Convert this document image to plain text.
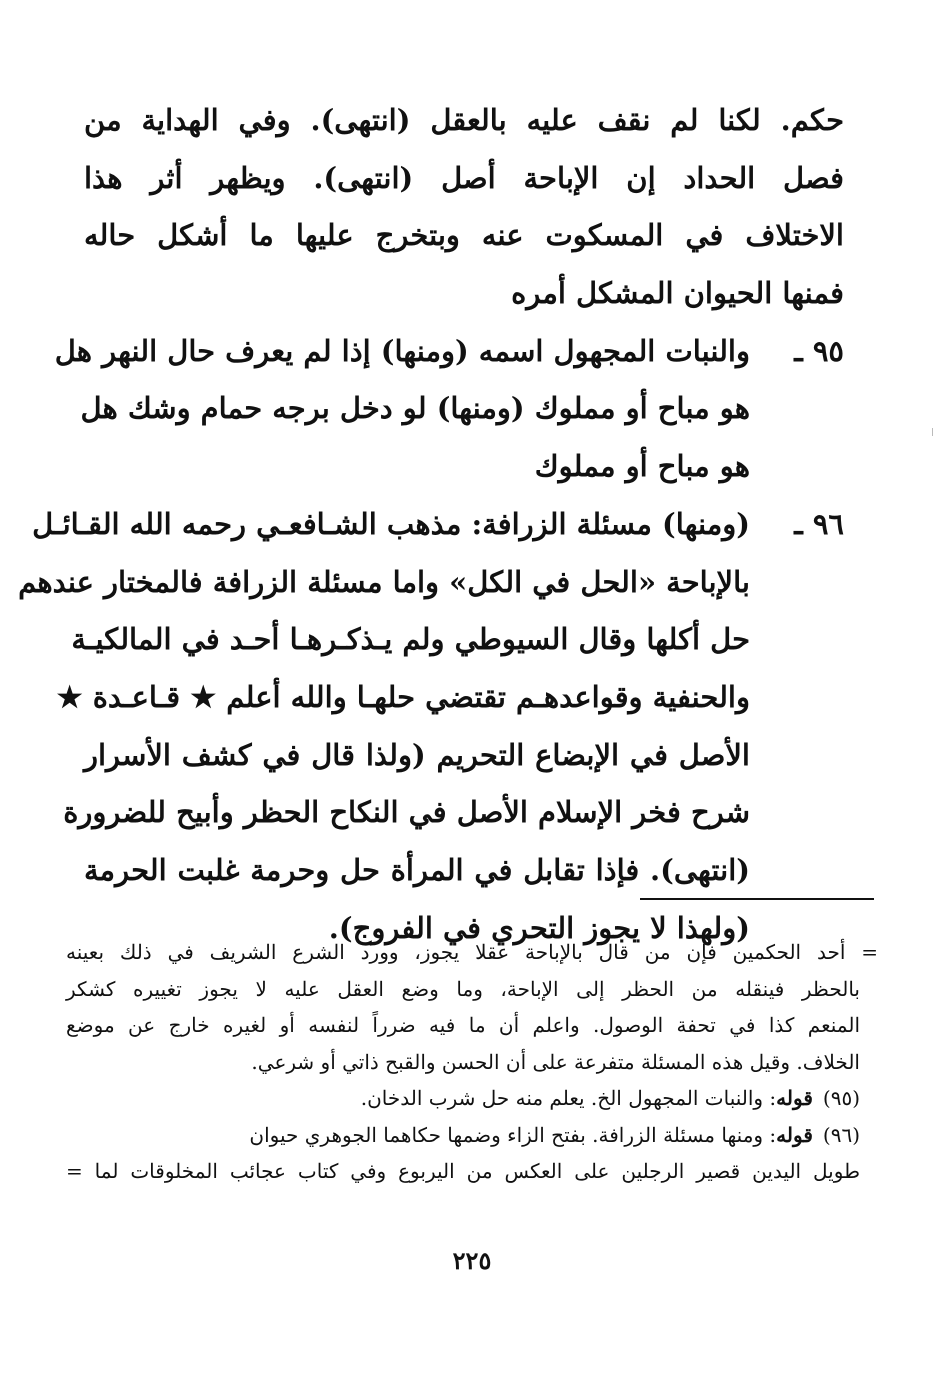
حكم. لكنا لم نقف عليه بالعقل (انتهى). وفي الهداية من
فصل الحداد إن الإباحة أصل (انتهى). ويظهر أثر هذا
الاختلاف في المسكوت عنه وبتخرج عليها ما أشكل حاله
فمنها الحيوان المشكل أمره
٩٥ ـ
والنبات المجهول اسمه (ومنها) إذا لم يعرف حال النهر هل
هو مباح أو مملوك (ومنها) لو دخل برجه حمام وشك هل
هو مباح أو مملوك
٩٦ ـ
(ومنها) مسئلة الزرافة: مذهب الشـافعـي رحمه الله القـائـل
بالإباحة «الحل في الكل» واما مسئلة الزرافة فالمختار عندهم
حل أكلها وقال السيوطي ولم يـذكـرهـا أحـد في المالكيـة
والحنفية وقواعدهـم تقتضي حلهـا والله أعلم ★ قـاعـدة ★
الأصل في الإبضاع التحريم (ولذا قال في كشف الأسرار
شرح فخر الإسلام الأصل في النكاح الحظر وأبيح للضرورة
(انتهى). فإذا تقابل في المرأة حل وحرمة غلبت الحرمة
(ولهذا لا يجوز التحري في الفروج).
= أحد الحكمين فإن من قال بالإباحة عقلا يجوز، وورد الشرع الشريف في ذلك بعينه
بالحظر فينقله من الحظر إلى الإباحة، وما وضع العقل عليه لا يجوز تغييره كشكر
المنعم كذا في تحفة الوصول. واعلم أن ما فيه ضرراً لنفسه أو لغيره خارج عن موضع
الخلاف. وقيل هذه المسئلة متفرعة على أن الحسن والقبح ذاتي أو شرعي.
(٩٥)قوله: والنبات المجهول الخ. يعلم منه حل شرب الدخان.
(٩٦)قوله: ومنها مسئلة الزرافة. بفتح الزاء وضمها حكاهما الجوهري حيوان
طويل اليدين قصير الرجلين على العكس من اليربوع وفي كتاب عجائب المخلوقات لما =
٢٢٥
